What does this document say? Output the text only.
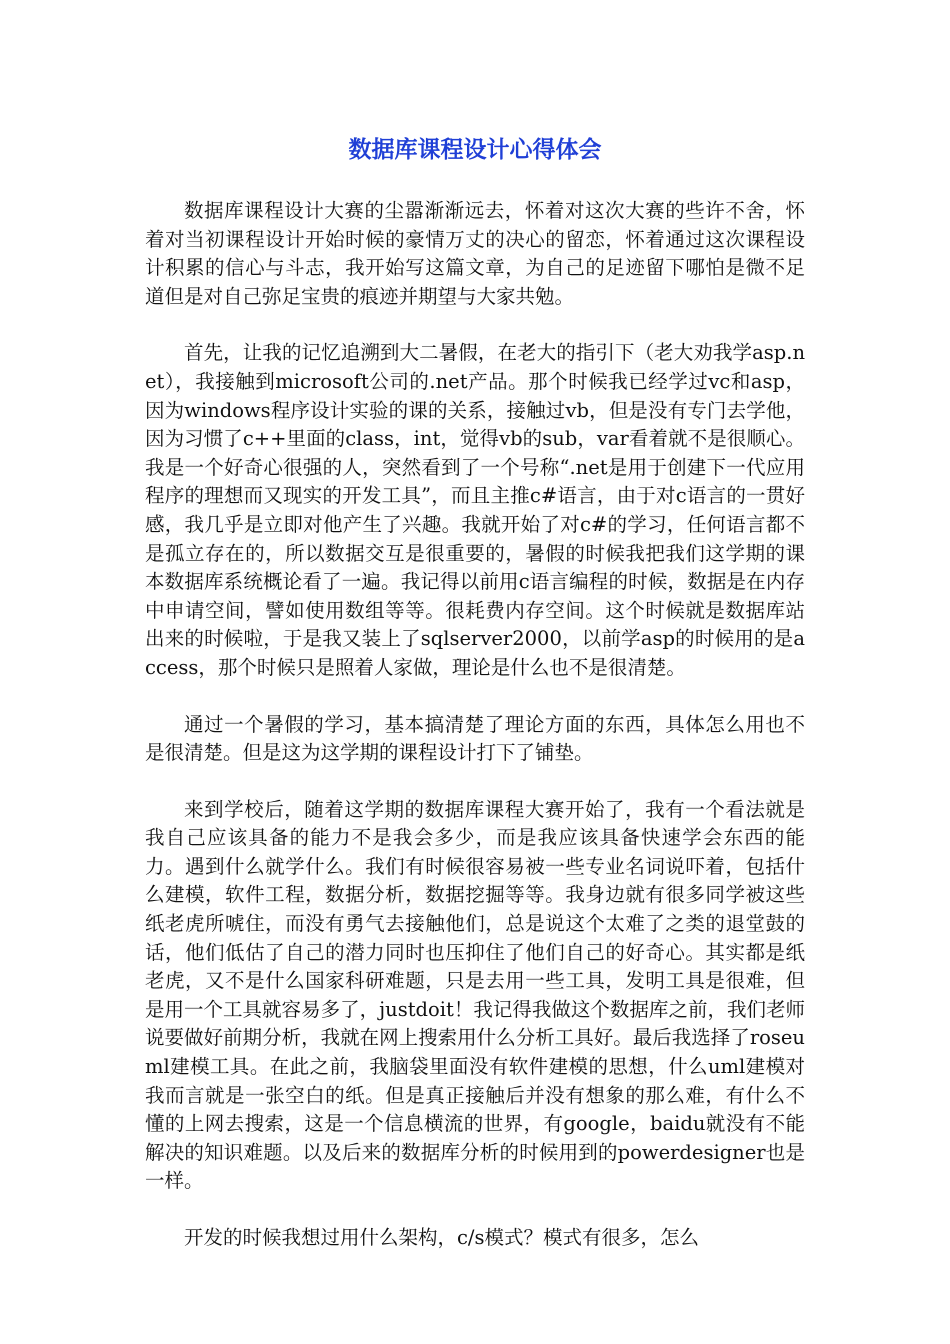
数据库课程设计心得体会

数据库课程设计大赛的尘嚣渐渐远去，怀着对这次大赛的些许不舍，怀着对当初课程设计开始时候的豪情万丈的决心的留恋，怀着通过这次课程设计积累的信心与斗志，我开始写这篇文章，为自己的足迹留下哪怕是微不足道但是对自己弥足宝贵的痕迹并期望与大家共勉。

首先，让我的记忆追溯到大二暑假，在老大的指引下（老大劝我学asp.net），我接触到microsoft公司的.net产品。那个时候我已经学过vc和asp，因为windows程序设计实验的课的关系，接触过vb，但是没有专门去学他，因为习惯了c++里面的class，int，觉得vb的sub，var看着就不是很顺心。我是一个好奇心很强的人，突然看到了一个号称“.net是用于创建下一代应用程序的理想而又现实的开发工具”，而且主推c#语言，由于对c语言的一贯好感，我几乎是立即对他产生了兴趣。我就开始了对c#的学习，任何语言都不是孤立存在的，所以数据交互是很重要的，暑假的时候我把我们这学期的课本数据库系统概论看了一遍。我记得以前用c语言编程的时候，数据是在内存中申请空间，譬如使用数组等等。很耗费内存空间。这个时候就是数据库站出来的时候啦，于是我又装上了sqlserver2000，以前学asp的时候用的是access，那个时候只是照着人家做，理论是什么也不是很清楚。

通过一个暑假的学习，基本搞清楚了理论方面的东西，具体怎么用也不是很清楚。但是这为这学期的课程设计打下了铺垫。

来到学校后，随着这学期的数据库课程大赛开始了，我有一个看法就是我自己应该具备的能力不是我会多少，而是我应该具备快速学会东西的能力。遇到什么就学什么。我们有时候很容易被一些专业名词说吓着，包括什么建模，软件工程，数据分析，数据挖掘等等。我身边就有很多同学被这些纸老虎所唬住，而没有勇气去接触他们，总是说这个太难了之类的退堂鼓的话，他们低估了自己的潜力同时也压抑住了他们自己的好奇心。其实都是纸老虎，又不是什么国家科研难题，只是去用一些工具，发明工具是很难，但是用一个工具就容易多了，justdoit！我记得我做这个数据库之前，我们老师说要做好前期分析，我就在网上搜索用什么分析工具好。最后我选择了roseuml建模工具。在此之前，我脑袋里面没有软件建模的思想，什么uml建模对我而言就是一张空白的纸。但是真正接触后并没有想象的那么难，有什么不懂的上网去搜索，这是一个信息横流的世界，有google，baidu就没有不能解决的知识难题。以及后来的数据库分析的时候用到的powerdesigner也是一样。

开发的时候我想过用什么架构，c/s模式？模式有很多，怎么
